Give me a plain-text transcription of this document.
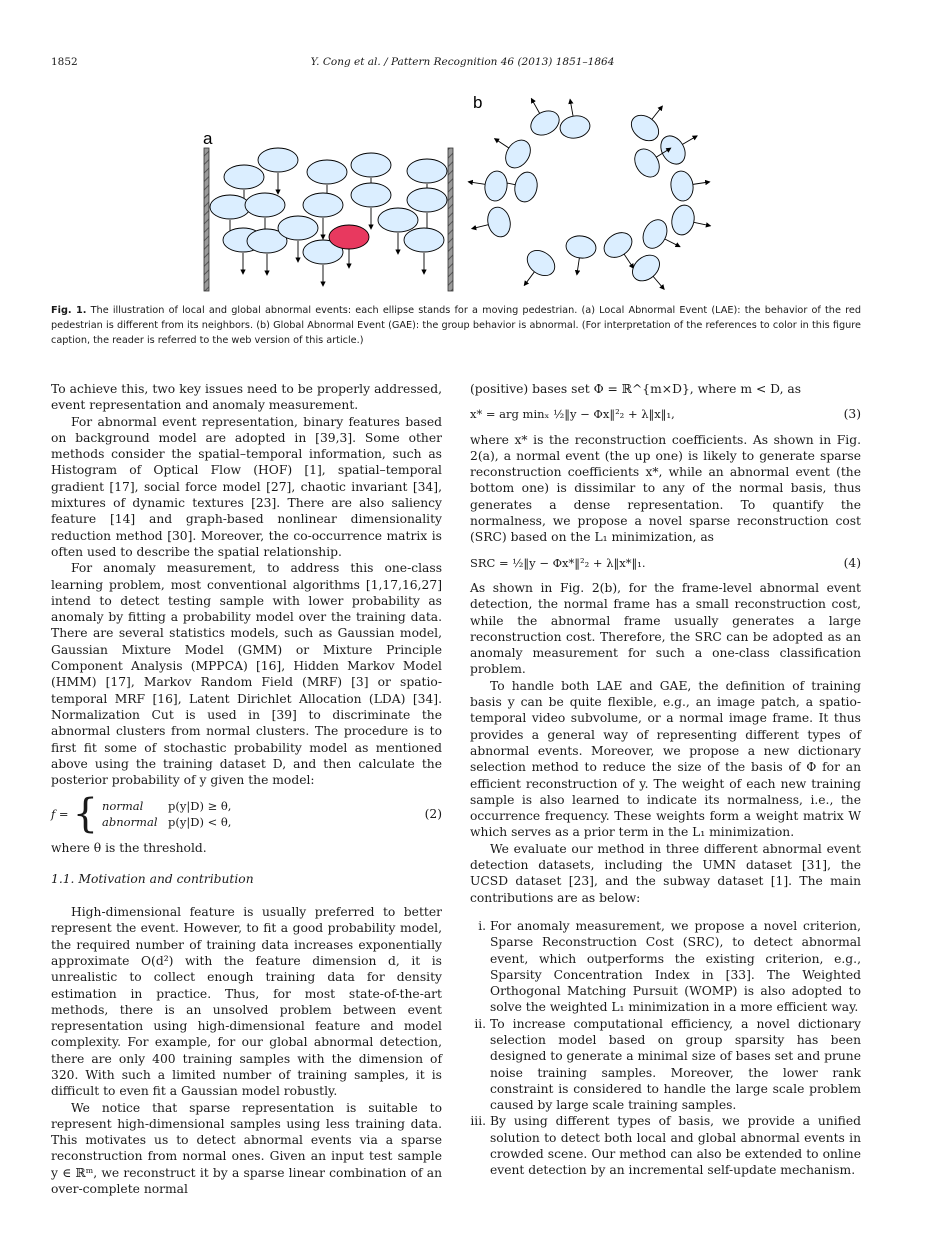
1852	Y. Cong et al. / Pattern Recognition 46 (2013) 1851–1864
a
b
Fig. 1. The illustration of local and global abnormal events: each ellipse stands for a moving pedestrian. (a) Local Abnormal Event (LAE): the behavior of the red pedestrian is different from its neighbors. (b) Global Abnormal Event (GAE): the group behavior is abnormal. (For interpretation of the references to color in this figure caption, the reader is referred to the web version of this article.)

To achieve this, two key issues need to be properly addressed, event representation and anomaly measurement.

For abnormal event representation, binary features based on background model are adopted in [39,3]. Some other methods consider the spatial–temporal information, such as Histogram of Optical Flow (HOF) [1], spatial–temporal gradient [17], social force model [27], chaotic invariant [34], mixtures of dynamic textures [23]. There are also saliency feature [14] and graph-based nonlinear dimensionality reduction method [30]. Moreover, the co-occurrence matrix is often used to describe the spatial relationship.

For anomaly measurement, to address this one-class learning problem, most conventional algorithms [1,17,16,27] intend to detect testing sample with lower probability as anomaly by fitting a probability model over the training data. There are several statistics models, such as Gaussian model, Gaussian Mixture Model (GMM) or Mixture Principle Component Analysis (MPPCA) [16], Hidden Markov Model (HMM) [17], Markov Random Field (MRF) [3] or spatio-temporal MRF [16], Latent Dirichlet Allocation (LDA) [34]. Normalization Cut is used in [39] to discriminate the abnormal clusters from normal clusters. The procedure is to first fit some of stochastic probability model as mentioned above using the training dataset D, and then calculate the posterior probability of y given the model:

f = { normal	p(y|D) ≥ θ,
abnormal p(y|D) < θ,
(2)

where θ is the threshold.

1.1. Motivation and contribution

High-dimensional feature is usually preferred to better represent the event. However, to fit a good probability model, the required number of training data increases exponentially approximate O(d²) with the feature dimension d, it is unrealistic to collect enough training data for density estimation in practice. Thus, for most state-of-the-art methods, there is an unsolved problem between event representation using high-dimensional feature and model complexity. For example, for our global abnormal detection, there are only 400 training samples with the dimension of 320. With such a limited number of training samples, it is difficult to even fit a Gaussian model robustly.

We notice that sparse representation is suitable to represent high-dimensional samples using less training data. This motivates us to detect abnormal events via a sparse reconstruction from normal ones. Given an input test sample y ∈ ℝᵐ, we reconstruct it by a sparse linear combination of an over-complete normal

(positive) bases set Φ = ℝ^{m×D}, where m < D, as

x* = arg minₓ ½‖y − Φx‖²₂ + λ‖x‖₁,	(3)

where x* is the reconstruction coefficients. As shown in Fig. 2(a), a normal event (the up one) is likely to generate sparse reconstruction coefficients x*, while an abnormal event (the bottom one) is dissimilar to any of the normal basis, thus generates a dense representation. To quantify the normalness, we propose a novel sparse reconstruction cost (SRC) based on the L₁ minimization, as

SRC = ½‖y − Φx*‖²₂ + λ‖x*‖₁.	(4)

As shown in Fig. 2(b), for the frame-level abnormal event detection, the normal frame has a small reconstruction cost, while the abnormal frame usually generates a large reconstruction cost. Therefore, the SRC can be adopted as an anomaly measurement for such a one-class classification problem.

To handle both LAE and GAE, the definition of training basis y can be quite flexible, e.g., an image patch, a spatio-temporal video subvolume, or a normal image frame. It thus provides a general way of representing different types of abnormal events. Moreover, we propose a new dictionary selection method to reduce the size of the basis of Φ for an efficient reconstruction of y. The weight of each new training sample is also learned to indicate its normalness, i.e., the occurrence frequency. These weights form a weight matrix W which serves as a prior term in the L₁ minimization.

We evaluate our method in three different abnormal event detection datasets, including the UMN dataset [31], the UCSD dataset [23], and the subway dataset [1]. The main contributions are as below:

i. For anomaly measurement, we propose a novel criterion, Sparse Reconstruction Cost (SRC), to detect abnormal event, which outperforms the existing criterion, e.g., Sparsity Concentration Index in [33]. The Weighted Orthogonal Matching Pursuit (WOMP) is also adopted to solve the weighted L₁ minimization in a more efficient way.
ii. To increase computational efficiency, a novel dictionary selection model based on group sparsity has been designed to generate a minimal size of bases set and prune noise training samples. Moreover, the lower rank constraint is considered to handle the large scale problem caused by large scale training samples.
iii. By using different types of basis, we provide a unified solution to detect both local and global abnormal events in crowded scene. Our method can also be extended to online event detection by an incremental self-update mechanism.
